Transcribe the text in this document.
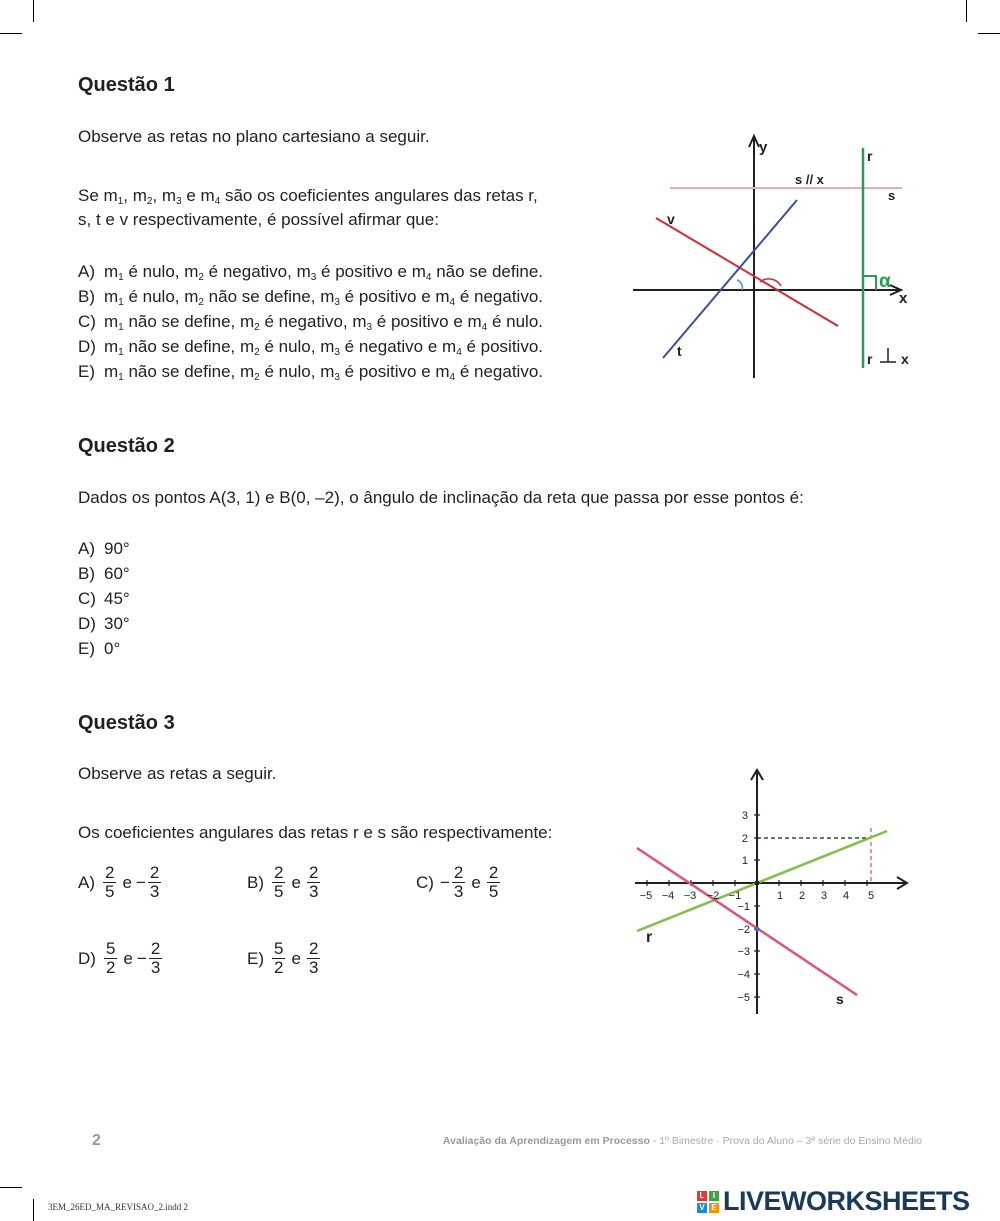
Questão 1
Observe as retas no plano cartesiano a seguir.
Se $m_1$, $m_2$, $m_3$ e $m_4$ são os coeficientes angulares das retas r,
s, t e v respectivamente, é possível afirmar que:
A) $m_1$ é nulo, $m_2$ é negativo, $m_3$ é positivo e $m_4$ não se define.
B) $m_1$ é nulo, $m_2$ não se define, $m_3$ é positivo e $m_4$ é negativo.
C) $m_1$ não se define, $m_2$ é negativo, $m_3$ é positivo e $m_4$ é nulo.
D) $m_1$ não se define, $m_2$ é nulo, $m_3$ é negativo e $m_4$ é positivo.
E) $m_1$ não se define, $m_2$ é nulo, $m_3$ é positivo e $m_4$ é negativo.
y
x
r
s // x
s
v
t
α
r x
Questão 2
Dados os pontos A(3, 1) e B(0, –2), o ângulo de inclinação da reta que passa por esse pontos é:
A) 90°
B) 60°
C) 45°
D) 30°
E) 0°
Questão 3
Observe as retas a seguir.
Os coeficientes angulares das retas r e s são respectivamente:
$A) \frac{2}{5}$ $e - \frac{2}{3}$	$B) \frac{2}{5}$ e $\frac{2}{3}$	$C) - \frac{2}{3}$ e $\frac{2}{5}$
$D) \frac{5}{2}$ $e - \frac{2}{3}$	$E) \frac{5}{2}$ e $\frac{2}{3}$
−5 −4 −3 −2 −1	1 2 3 4 5
3
2
1
−1
−2
−3
−4
−5
r
s
2	Avaliação da Aprendizagem em Processo - 1º Bimestre · Prova do Aluno – 3ª série do Ensino Médio
3EM_26ED_MA_REVISAO_2.indd 2
L	I
V E LIVEWORKSHEETS
